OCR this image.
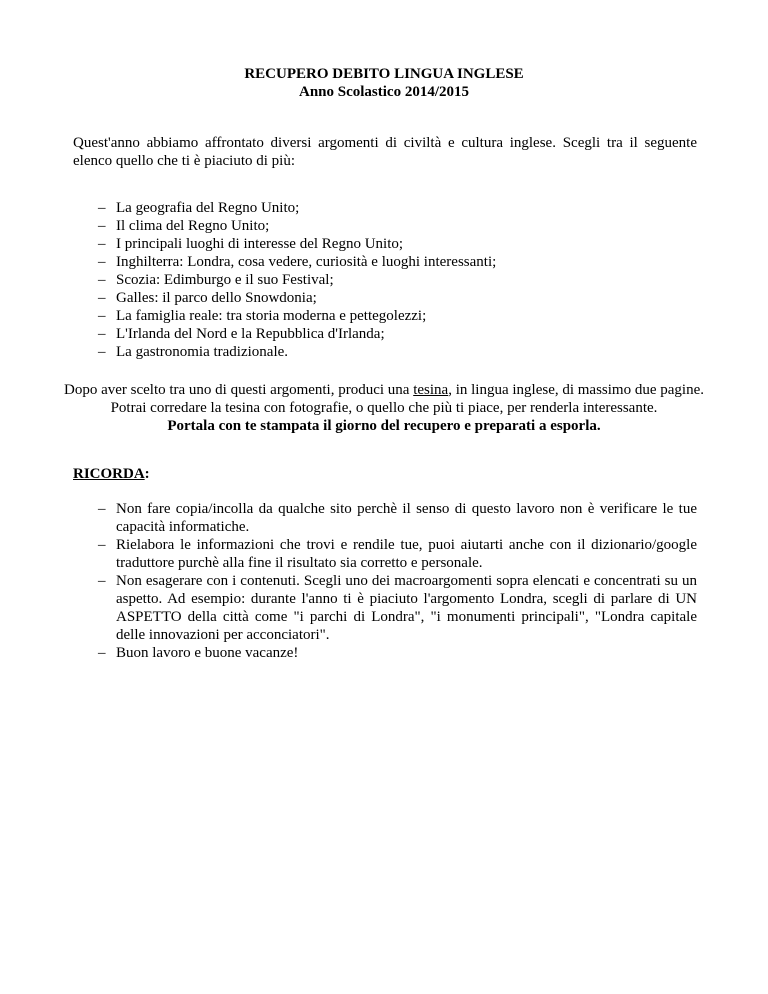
RECUPERO DEBITO LINGUA INGLESE
Anno Scolastico 2014/2015
Quest'anno abbiamo affrontato diversi argomenti di civiltà e cultura inglese. Scegli tra il seguente elenco quello che ti è piaciuto di più:
– La geografia del Regno Unito;
– Il clima del Regno Unito;
– I principali luoghi di interesse del Regno Unito;
– Inghilterra: Londra, cosa vedere, curiosità e luoghi interessanti;
– Scozia: Edimburgo e il suo Festival;
– Galles: il parco dello Snowdonia;
– La famiglia reale: tra storia moderna e pettegolezzi;
– L'Irlanda del Nord e la Repubblica d'Irlanda;
– La gastronomia tradizionale.
Dopo aver scelto tra uno di questi argomenti, produci una tesina, in lingua inglese, di massimo due pagine. Potrai corredare la tesina con fotografie, o quello che più ti piace, per renderla interessante.
Portala con te stampata il giorno del recupero e preparati a esporla.
RICORDA:
– Non fare copia/incolla da qualche sito perchè il senso di questo lavoro non è verificare le tue capacità informatiche.
– Rielabora le informazioni che trovi e rendile tue, puoi aiutarti anche con il dizionario/google traduttore purchè alla fine il risultato sia corretto e personale.
– Non esagerare con i contenuti. Scegli uno dei macroargomenti sopra elencati e concentrati su un aspetto. Ad esempio: durante l'anno ti è piaciuto l'argomento Londra, scegli di parlare di UN ASPETTO della città come "i parchi di Londra", "i monumenti principali", "Londra capitale delle innovazioni per acconciatori".
– Buon lavoro e buone vacanze!
